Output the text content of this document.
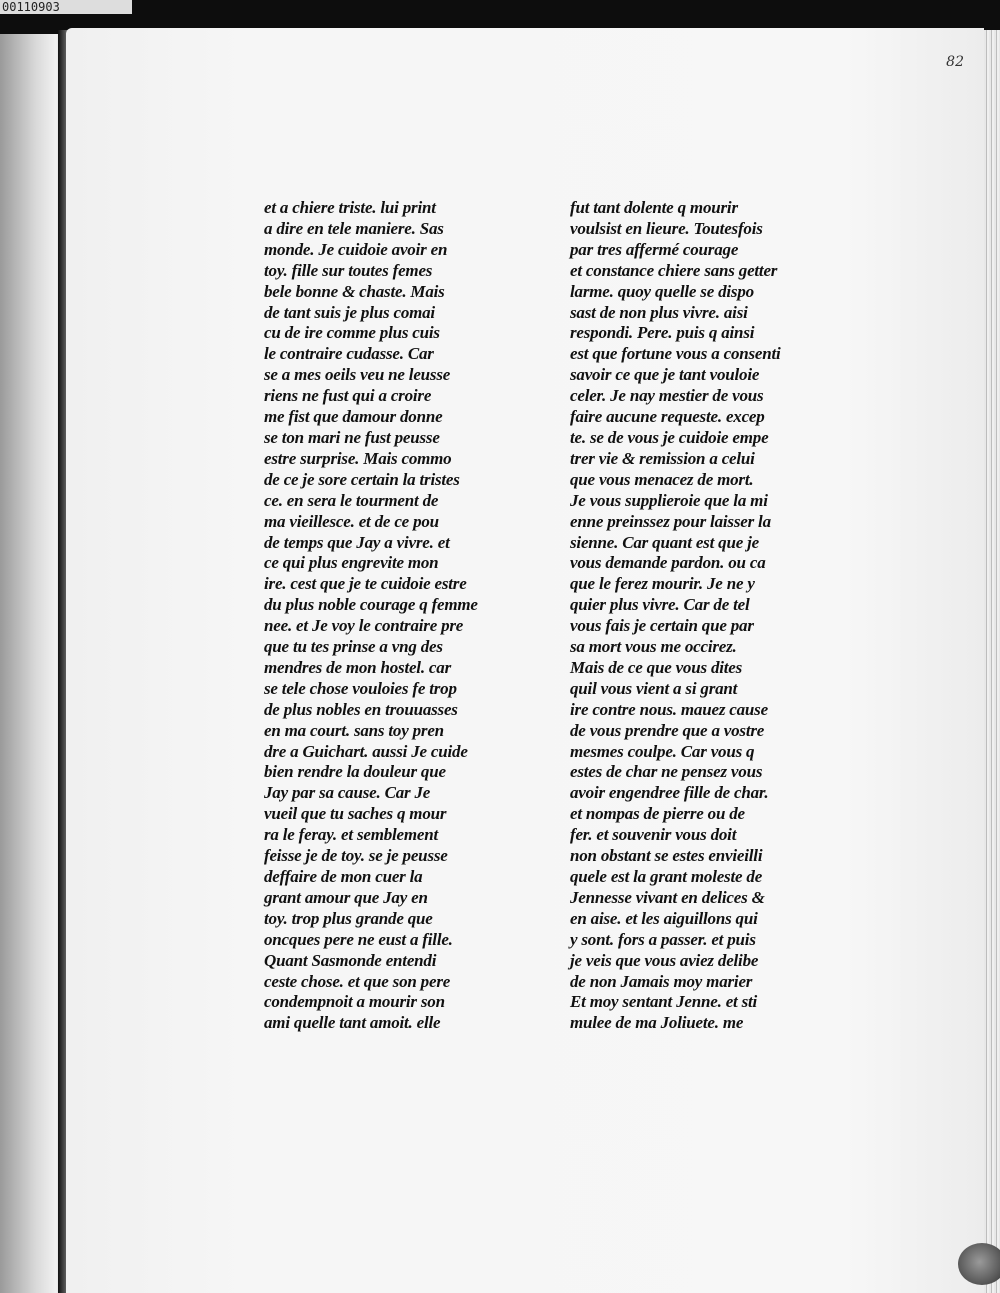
00110903
82
et a chiere triste. lui print
a dire en tele maniere. Sas
monde. Je cuidoie avoir en
toy. fille sur toutes femes
bele bonne & chaste. Mais
de tant suis je plus comai
cu de ire comme plus cuis
le contraire cudasse. Car
se a mes oeils veu ne leusse
riens ne fust qui a croire
me fist que damour donne
se ton mari ne fust peusse
estre surprise. Mais commo
de ce je sore certain la tristes
ce. en sera le tourment de
ma vieillesce. et de ce pou
de temps que Jay a vivre. et
ce qui plus engrevite mon
ire. cest que je te cuidoie estre
du plus noble courage q femme
nee. et Je voy le contraire pre
que tu tes prinse a vng des
mendres de mon hostel. car
se tele chose vouloies fe trop
de plus nobles en trouuasses
en ma court. sans toy pren
dre a Guichart. aussi Je cuide
bien rendre la douleur que
Jay par sa cause. Car Je
vueil que tu saches q mour
ra le feray. et semblement
feisse je de toy. se je peusse
deffaire de mon cuer la
grant amour que Jay en
toy. trop plus grande que
oncques pere ne eust a fille.
Quant Sasmonde entendi
ceste chose. et que son pere
condempnoit a mourir son
ami quelle tant amoit. elle
fut tant dolente q mourir
voulsist en lieure. Toutesfois
par tres affermé courage
et constance chiere sans getter
larme. quoy quelle se dispo
sast de non plus vivre. aisi
respondi. Pere. puis q ainsi
est que fortune vous a consenti
savoir ce que je tant vouloie
celer. Je nay mestier de vous
faire aucune requeste. excep
te. se de vous je cuidoie empe
trer vie & remission a celui
que vous menacez de mort.
Je vous supplieroie que la mi
enne preinssez pour laisser la
sienne. Car quant est que je
vous demande pardon. ou ca
que le ferez mourir. Je ne y
quier plus vivre. Car de tel
vous fais je certain que par
sa mort vous me occirez.
Mais de ce que vous dites
quil vous vient a si grant
ire contre nous. mauez cause
de vous prendre que a vostre
mesmes coulpe. Car vous q
estes de char ne pensez vous
avoir engendree fille de char.
et nompas de pierre ou de
fer. et souvenir vous doit
non obstant se estes envieilli
quele est la grant moleste de
Jennesse vivant en delices &
en aise. et les aiguillons qui
y sont. fors a passer. et puis
je veis que vous aviez delibe
de non Jamais moy marier
Et moy sentant Jenne. et sti
mulee de ma Joliuete. me
